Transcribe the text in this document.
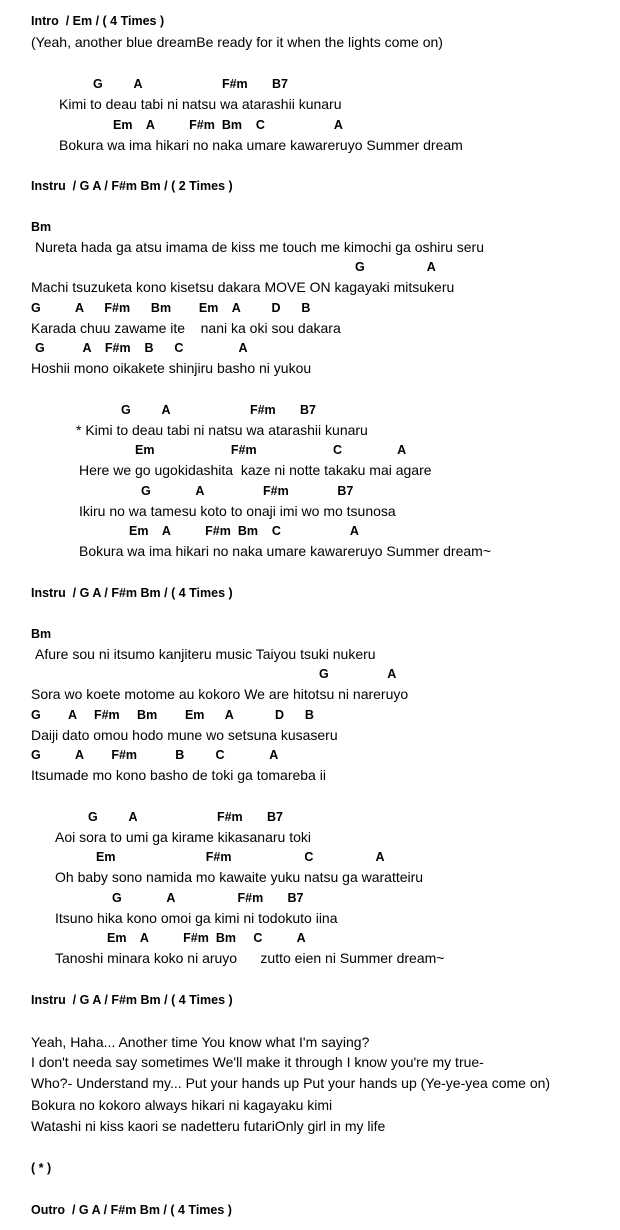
Intro  / Em / ( 4 Times )
(Yeah, another blue dreamBe ready for it when the lights come on)
G         A                       F#m       B7
Kimi to deau tabi ni natsu wa atarashii kunaru
Em    A          F#m  Bm    C                    A
Bokura wa ima hikari no naka umare kawareruyo Summer dream
Instru  / G A / F#m Bm / ( 2 Times )
Bm
Nureta hada ga atsu imama de kiss me touch me kimochi ga oshiru seru
G                  A
Machi tsuzuketa kono kisetsu dakara MOVE ON kagayaki mitsukeru
G          A      F#m      Bm        Em    A         D      B
Karada chuu zawame ite    nani ka oki sou dakara
G           A    F#m    B      C                A
Hoshii mono oikakete shinjiru basho ni yukou
G         A                       F#m       B7
* Kimi to deau tabi ni natsu wa atarashii kunaru
Em                      F#m                      C                A
Here we go ugokidashita  kaze ni notte takaku mai agare
G             A                 F#m              B7
Ikiru no wa tamesu koto to onaji imi wo mo tsunosa
Em    A          F#m  Bm    C                    A
Bokura wa ima hikari no naka umare kawareruyo Summer dream~
Instru  / G A / F#m Bm / ( 4 Times )
Bm
Afure sou ni itsumo kanjiteru music Taiyou tsuki nukeru
G                 A
Sora wo koete motome au kokoro We are hitotsu ni nareruyo
G        A     F#m     Bm        Em      A            D      B
Daiji dato omou hodo mune wo setsuna kusaseru
G          A        F#m           B         C             A
Itsumade mo kono basho de toki ga tomareba ii
G         A                       F#m       B7
Aoi sora to umi ga kirame kikasanaru toki
Em                          F#m                     C                  A
Oh baby sono namida mo kawaite yuku natsu ga waratteiru
G             A                  F#m       B7
Itsuno hika kono omoi ga kimi ni todokuto iina
Em    A          F#m  Bm     C          A
Tanoshi minara koko ni aruyo      zutto eien ni Summer dream~
Instru  / G A / F#m Bm / ( 4 Times )
Yeah, Haha... Another time You know what I'm saying?
I don't needa say sometimes We'll make it through I know you're my true-
Who?- Understand my... Put your hands up Put your hands up (Ye-ye-yea come on)
Bokura no kokoro always hikari ni kagayaku kimi
Watashi ni kiss kaori se nadetteru futariOnly girl in my life
( * )
Outro  / G A / F#m Bm / ( 4 Times )
